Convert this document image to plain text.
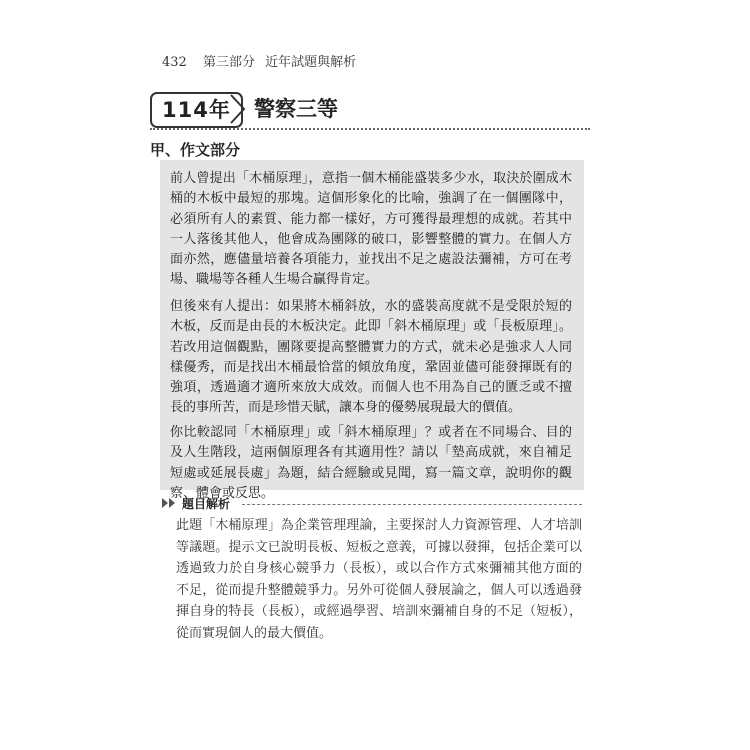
432 第三部分 近年試題與解析
114年	警察三等
甲、作文部分

前人曾提出「木桶原理」，意指一個木桶能盛裝多少水，取決於圍成木桶的木板中最短的那塊。這個形象化的比喻，強調了在一個團隊中，必須所有人的素質、能力都一樣好，方可獲得最理想的成就。若其中一人落後其他人，他會成為團隊的破口，影響整體的實力。在個人方面亦然，應儘量培養各項能力，並找出不足之處設法彌補，方可在考場、職場等各種人生場合贏得肯定。

但後來有人提出：如果將木桶斜放，水的盛裝高度就不是受限於短的木板，反而是由長的木板決定。此即「斜木桶原理」或「長板原理」。若改用這個觀點，團隊要提高整體實力的方式，就未必是強求人人同樣優秀，而是找出木桶最恰當的傾放角度，鞏固並儘可能發揮既有的強項，透過適才適所來放大成效。而個人也不用為自己的匱乏或不擅長的事所苦，而是珍惜天賦，讓本身的優勢展現最大的價值。

你比較認同「木桶原理」或「斜木桶原理」？或者在不同場合、目的及人生階段，這兩個原理各有其適用性？請以「墊高成就，來自補足短處或延展長處」為題，結合經驗或見聞，寫一篇文章，說明你的觀察、體會或反思。

題目解析
此題「木桶原理」為企業管理理論，主要探討人力資源管理、人才培訓等議題。提示文已說明長板、短板之意義，可據以發揮，包括企業可以透過致力於自身核心競爭力（長板），或以合作方式來彌補其他方面的不足，從而提升整體競爭力。另外可從個人發展論之，個人可以透過發揮自身的特長（長板），或經過學習、培訓來彌補自身的不足（短板），從而實現個人的最大價值。
